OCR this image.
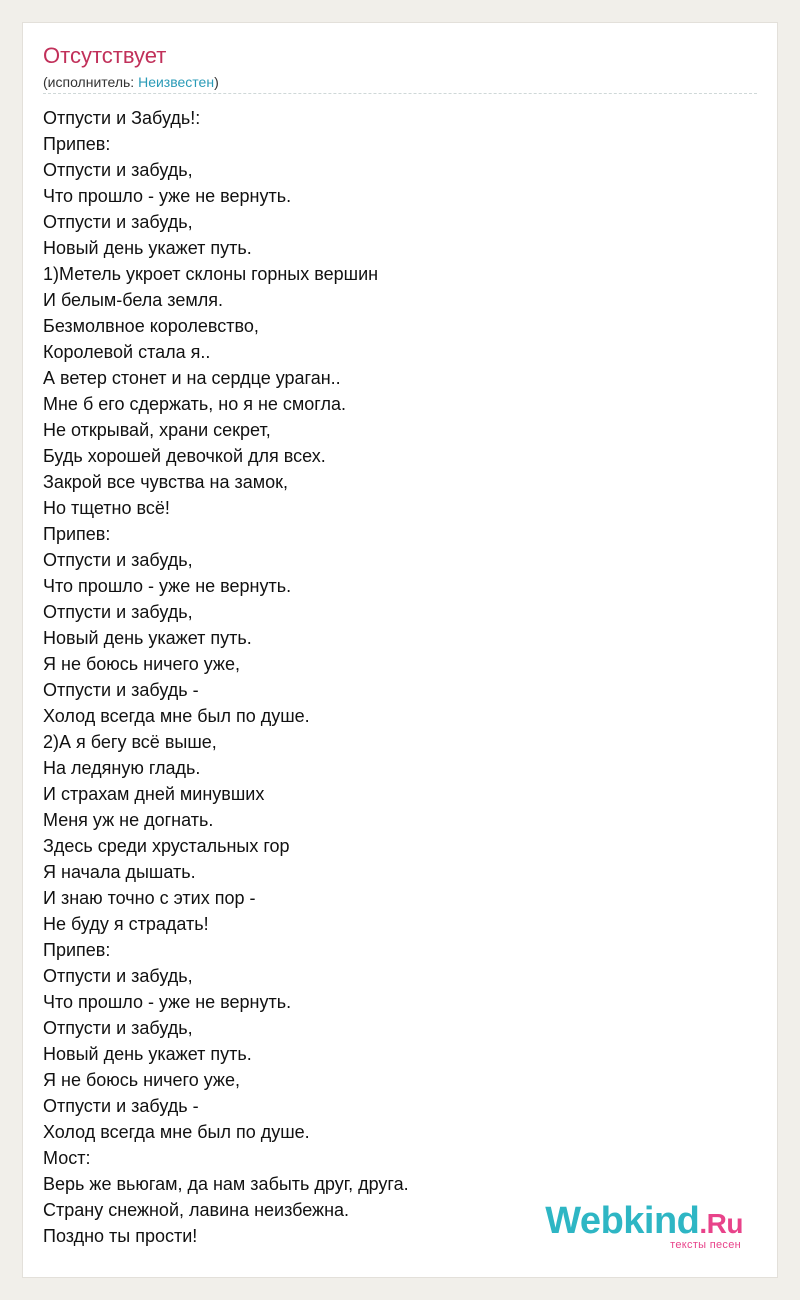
Отсутствует
(исполнитель: Неизвестен)
Отпусти и Забудь!:
Припев:
Отпусти и забудь,
Что прошло - уже не вернуть.
Отпусти и забудь,
Новый день укажет путь.
1)Метель укроет склоны горных вершин
И белым-бела земля.
Безмолвное королевство,
Королевой стала я..
А ветер стонет и на сердце ураган..
Мне б его сдержать, но я не смогла.
Не открывай, храни секрет,
Будь хорошей девочкой для всех.
Закрой все чувства на замок,
Но тщетно всё!
Припев:
Отпусти и забудь,
Что прошло - уже не вернуть.
Отпусти и забудь,
Новый день укажет путь.
Я не боюсь ничего уже,
Отпусти и забудь -
Холод всегда мне был по душе.
2)А я бегу всё выше,
На ледяную гладь.
И страхам дней минувших
Меня уж не догнать.
Здесь среди хрустальных гор
Я начала дышать.
И знаю точно с этих пор -
Не буду я страдать!
Припев:
Отпусти и забудь,
Что прошло - уже не вернуть.
Отпусти и забудь,
Новый день укажет путь.
Я не боюсь ничего уже,
Отпусти и забудь -
Холод всегда мне был по душе.
Мост:
Верь же вьюгам, да нам забыть друг, друга.
Страну снежной, лавина неизбежна.
Поздно ты прости!	Webkind.Ru
тексты песен
